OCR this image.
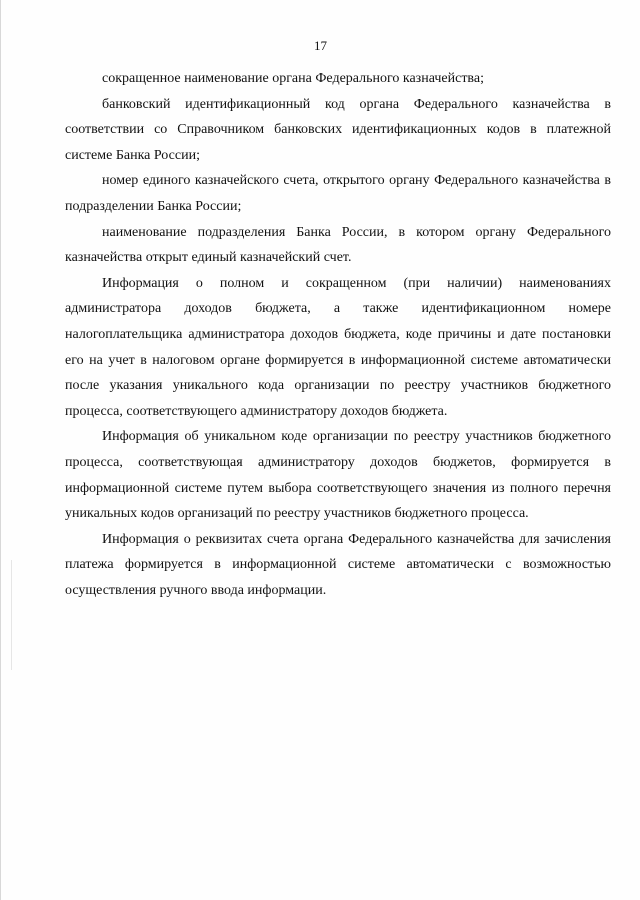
17

сокращенное наименование органа Федерального казначейства;

банковский идентификационный код органа Федерального казначейства в соответствии со Справочником банковских идентификационных кодов в платежной системе Банка России;

номер единого казначейского счета, открытого органу Федерального казначейства в подразделении Банка России;

наименование подразделения Банка России, в котором органу Федерального казначейства открыт единый казначейский счет.

Информация о полном и сокращенном (при наличии) наименованиях администратора доходов бюджета, а также идентификационном номере налогоплательщика администратора доходов бюджета, коде причины и дате постановки его на учет в налоговом органе формируется в информационной системе автоматически после указания уникального кода организации по реестру участников бюджетного процесса, соответствующего администратору доходов бюджета.

Информация об уникальном коде организации по реестру участников бюджетного процесса, соответствующая администратору доходов бюджетов, формируется в информационной системе путем выбора соответствующего значения из полного перечня уникальных кодов организаций по реестру участников бюджетного процесса.

Информация о реквизитах счета органа Федерального казначейства для зачисления платежа формируется в информационной системе автоматически с возможностью осуществления ручного ввода информации.
